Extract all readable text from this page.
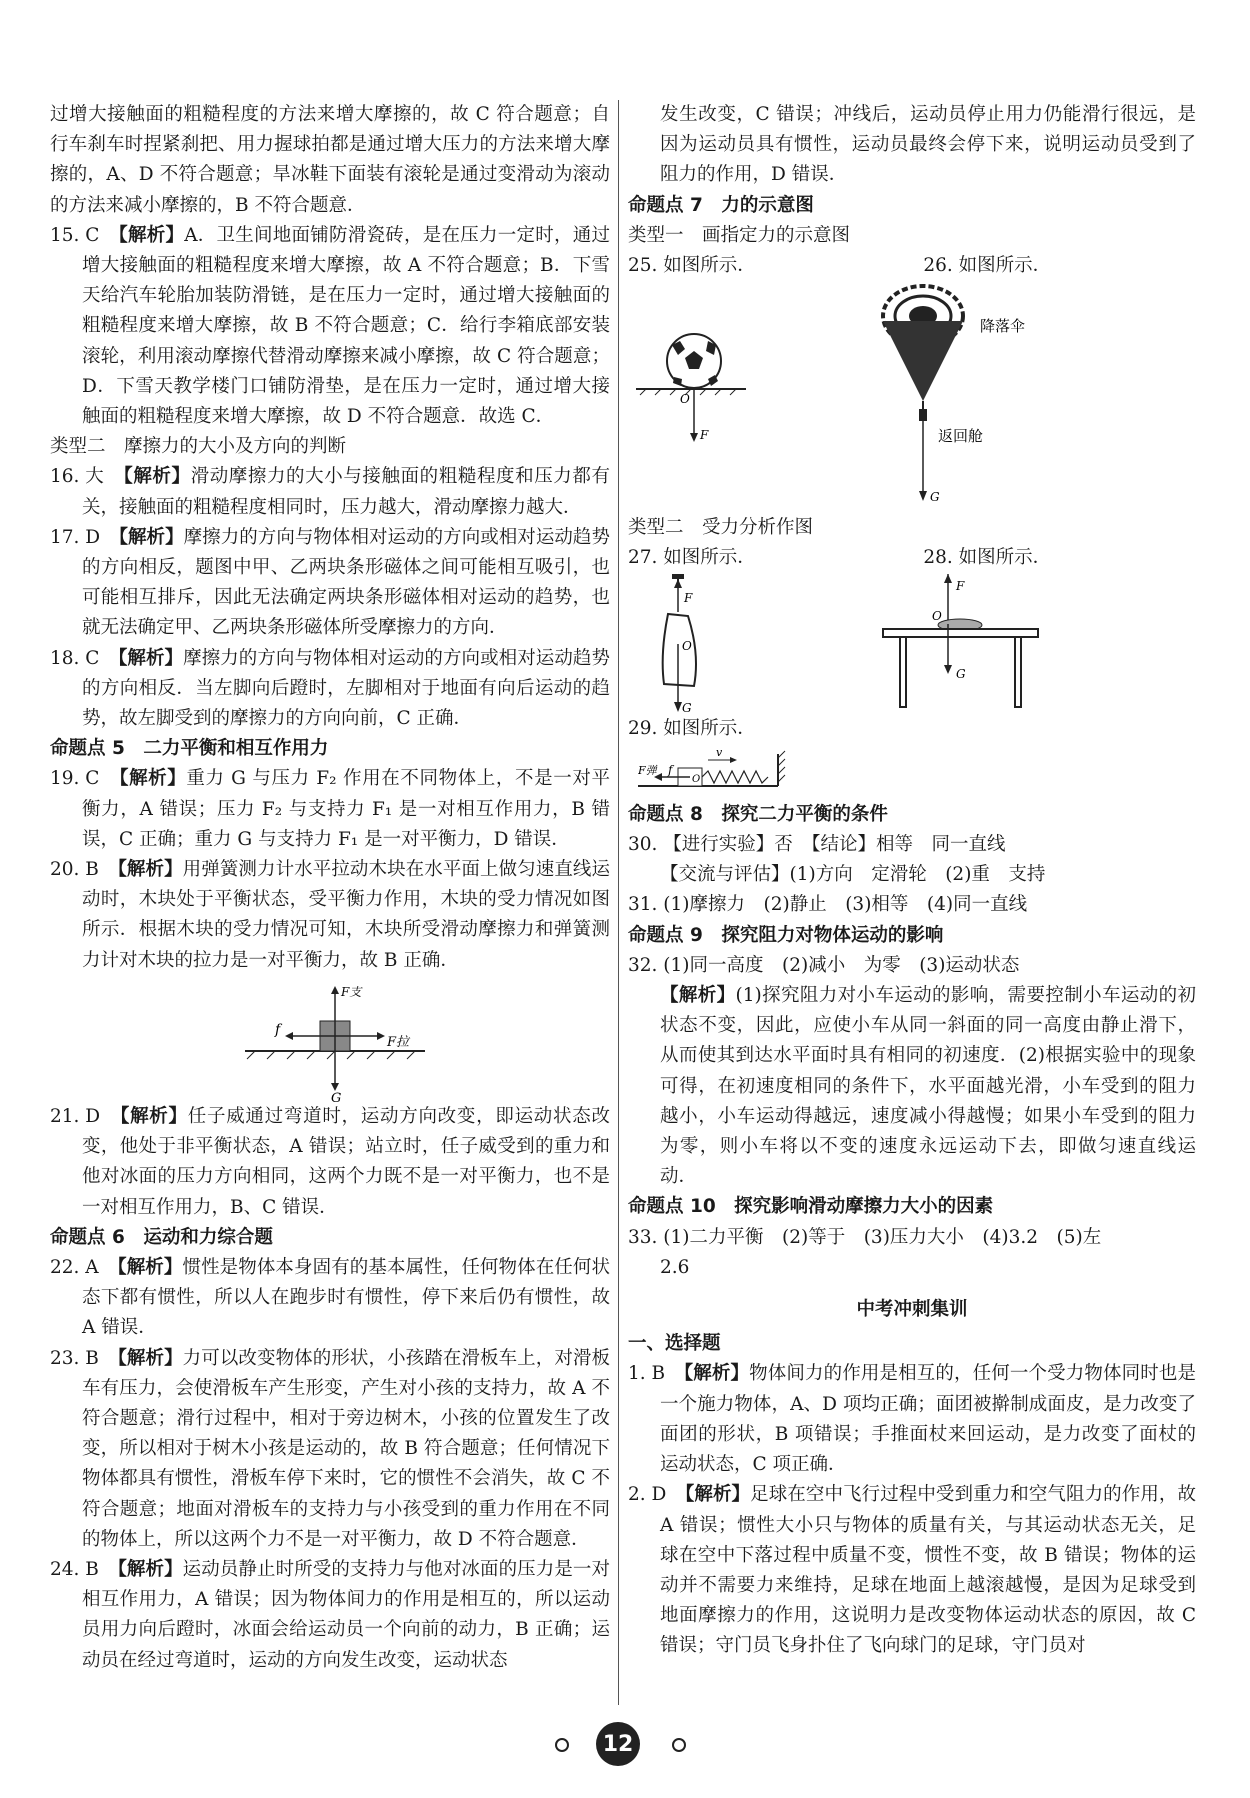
过增大接触面的粗糙程度的方法来增大摩擦的，故 C 符合题意；自行车刹车时捏紧刹把、用力握球拍都是通过增大压力的方法来增大摩擦的，A、D 不符合题意；旱冰鞋下面装有滚轮是通过变滑动为滚动的方法来减小摩擦的，B 不符合题意．

15. C　 【解析】A．卫生间地面铺防滑瓷砖，是在压力一定时，通过增大接触面的粗糙程度来增大摩擦，故 A 不符合题意；B．下雪天给汽车轮胎加装防滑链，是在压力一定时，通过增大接触面的粗糙程度来增大摩擦，故 B 不符合题意；C．给行李箱底部安装滚轮，利用滚动摩擦代替滑动摩擦来减小摩擦，故 C 符合题意；D．下雪天教学楼门口铺防滑垫，是在压力一定时，通过增大接触面的粗糙程度来增大摩擦，故 D 不符合题意．故选 C．

类型二　摩擦力的大小及方向的判断

16. 大　 【解析】滑动摩擦力的大小与接触面的粗糙程度和压力都有关，接触面的粗糙程度相同时，压力越大，滑动摩擦力越大．

17. D　 【解析】摩擦力的方向与物体相对运动的方向或相对运动趋势的方向相反，题图中甲、乙两块条形磁体之间可能相互吸引，也可能相互排斥，因此无法确定两块条形磁体相对运动的趋势，也就无法确定甲、乙两块条形磁体所受摩擦力的方向．

18. C　 【解析】摩擦力的方向与物体相对运动的方向或相对运动趋势的方向相反．当左脚向后蹬时，左脚相对于地面有向后运动的趋势，故左脚受到的摩擦力的方向向前，C 正确．

命题点 5　二力平衡和相互作用力

19. C　 【解析】重力 G 与压力 F₂ 作用在不同物体上，不是一对平衡力，A 错误；压力 F₂ 与支持力 F₁ 是一对相互作用力，B 错误，C 正确；重力 G 与支持力 F₁ 是一对平衡力，D 错误．

20. B　 【解析】用弹簧测力计水平拉动木块在水平面上做匀速直线运动时，木块处于平衡状态，受平衡力作用，木块的受力情况如图所示．根据木块的受力情况可知，木块所受滑动摩擦力和弹簧测力计对木块的拉力是一对平衡力，故 B 正确．

F支
F拉
f
G

21. D　 【解析】任子威通过弯道时，运动方向改变，即运动状态改变，他处于非平衡状态，A 错误；站立时，任子威受到的重力和他对冰面的压力方向相同，这两个力既不是一对平衡力，也不是一对相互作用力，B、C 错误．

命题点 6　运动和力综合题

22. A　 【解析】惯性是物体本身固有的基本属性，任何物体在任何状态下都有惯性，所以人在跑步时有惯性，停下来后仍有惯性，故 A 错误．

23. B　 【解析】力可以改变物体的形状，小孩踏在滑板车上，对滑板车有压力，会使滑板车产生形变，产生对小孩的支持力，故 A 不符合题意；滑行过程中，相对于旁边树木，小孩的位置发生了改变，所以相对于树木小孩是运动的，故 B 符合题意；任何情况下物体都具有惯性，滑板车停下来时，它的惯性不会消失，故 C 不符合题意；地面对滑板车的支持力与小孩受到的重力作用在不同的物体上，所以这两个力不是一对平衡力，故 D 不符合题意．

24. B　 【解析】运动员静止时所受的支持力与他对冰面的压力是一对相互作用力，A 错误；因为物体间力的作用是相互的，所以运动员用力向后蹬时，冰面会给运动员一个向前的动力，B 正确；运动员在经过弯道时，运动的方向发生改变，运动状态

发生改变，C 错误；冲线后，运动员停止用力仍能滑行很远，是因为运动员具有惯性，运动员最终会停下来，说明运动员受到了阻力的作用，D 错误．

命题点 7　力的示意图

类型一　画指定力的示意图

25. 如图所示．	26. 如图所示．
O
F
降落伞
返回舱
G

类型二　受力分析作图

27. 如图所示．	28. 如图所示．
F
O
G
F
O
G

29. 如图所示．

F弹 f
O
v

命题点 8　探究二力平衡的条件

30. 【进行实验】否　【结论】相等　同一直线

【交流与评估】(1)方向　定滑轮　(2)重　支持

31. (1)摩擦力　(2)静止　(3)相等　(4)同一直线

命题点 9　探究阻力对物体运动的影响

32. (1)同一高度　(2)减小　为零　(3)运动状态

【解析】(1)探究阻力对小车运动的影响，需要控制小车运动的初状态不变，因此，应使小车从同一斜面的同一高度由静止滑下，从而使其到达水平面时具有相同的初速度．(2)根据实验中的现象可得，在初速度相同的条件下，水平面越光滑，小车受到的阻力越小，小车运动得越远，速度减小得越慢；如果小车受到的阻力为零，则小车将以不变的速度永远运动下去，即做匀速直线运动．

命题点 10　探究影响滑动摩擦力大小的因素

33. (1)二力平衡　(2)等于　(3)压力大小　(4)3.2　(5)左

2.6

中考冲刺集训

一、选择题

1. B　 【解析】物体间力的作用是相互的，任何一个受力物体同时也是一个施力物体，A、D 项均正确；面团被擀制成面皮，是力改变了面团的形状，B 项错误；手推面杖来回运动，是力改变了面杖的运动状态，C 项正确．

2. D　 【解析】足球在空中飞行过程中受到重力和空气阻力的作用，故 A 错误；惯性大小只与物体的质量有关，与其运动状态无关，足球在空中下落过程中质量不变，惯性不变，故 B 错误；物体的运动并不需要力来维持，足球在地面上越滚越慢，是因为足球受到地面摩擦力的作用，这说明力是改变物体运动状态的原因，故 C 错误；守门员飞身扑住了飞向球门的足球，守门员对

12
